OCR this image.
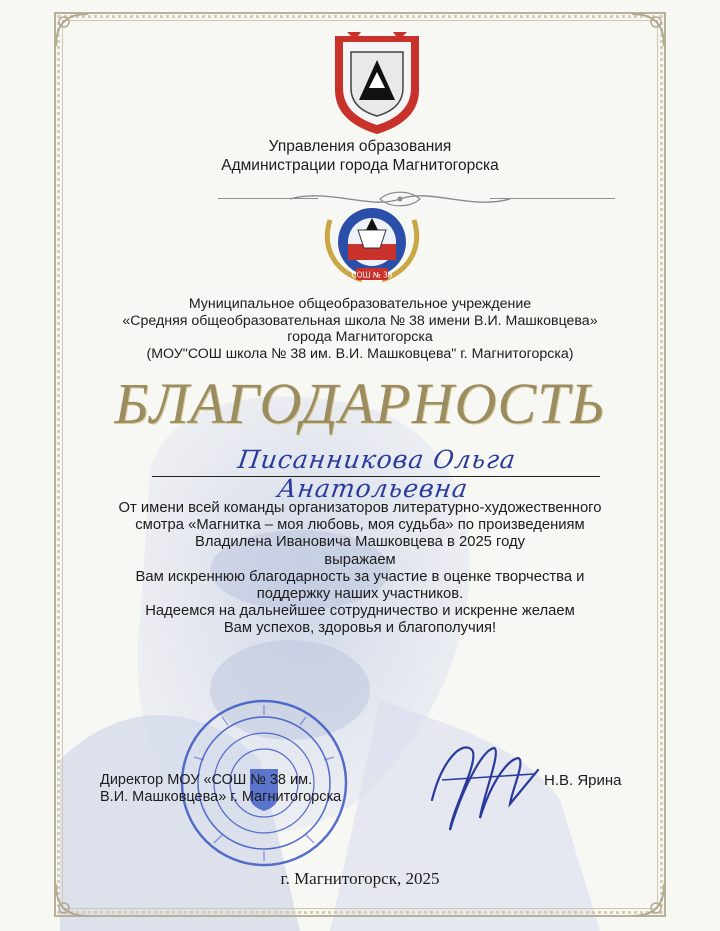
Управления образования
Администрации города Магнитогорска
СОШ № 38
Муниципальное общеобразовательное учреждение
«Средняя общеобразовательная школа № 38 имени В.И. Машковцева»
города Магнитогорска
(МОУ"СОШ школа № 38 им. В.И. Машковцева" г. Магнитогорска)
БЛАГОДАРНОСТЬ
Писанникова Ольга Анатольевна
От имени всей команды организаторов литературно-художественного
смотра «Магнитка – моя любовь, моя судьба» по произведениям
Владилена Ивановича Машковцева в 2025 году
выражаем
Вам искреннюю благодарность за участие в оценке творчества и
поддержку наших участников.
Надеемся на дальнейшее сотрудничество и искренне желаем
Вам успехов, здоровья и благополучия!
Директор МОУ «СОШ № 38 им.
В.И. Машковцева» г. Магнитогорска
Н.В. Ярина
г. Магнитогорск, 2025
